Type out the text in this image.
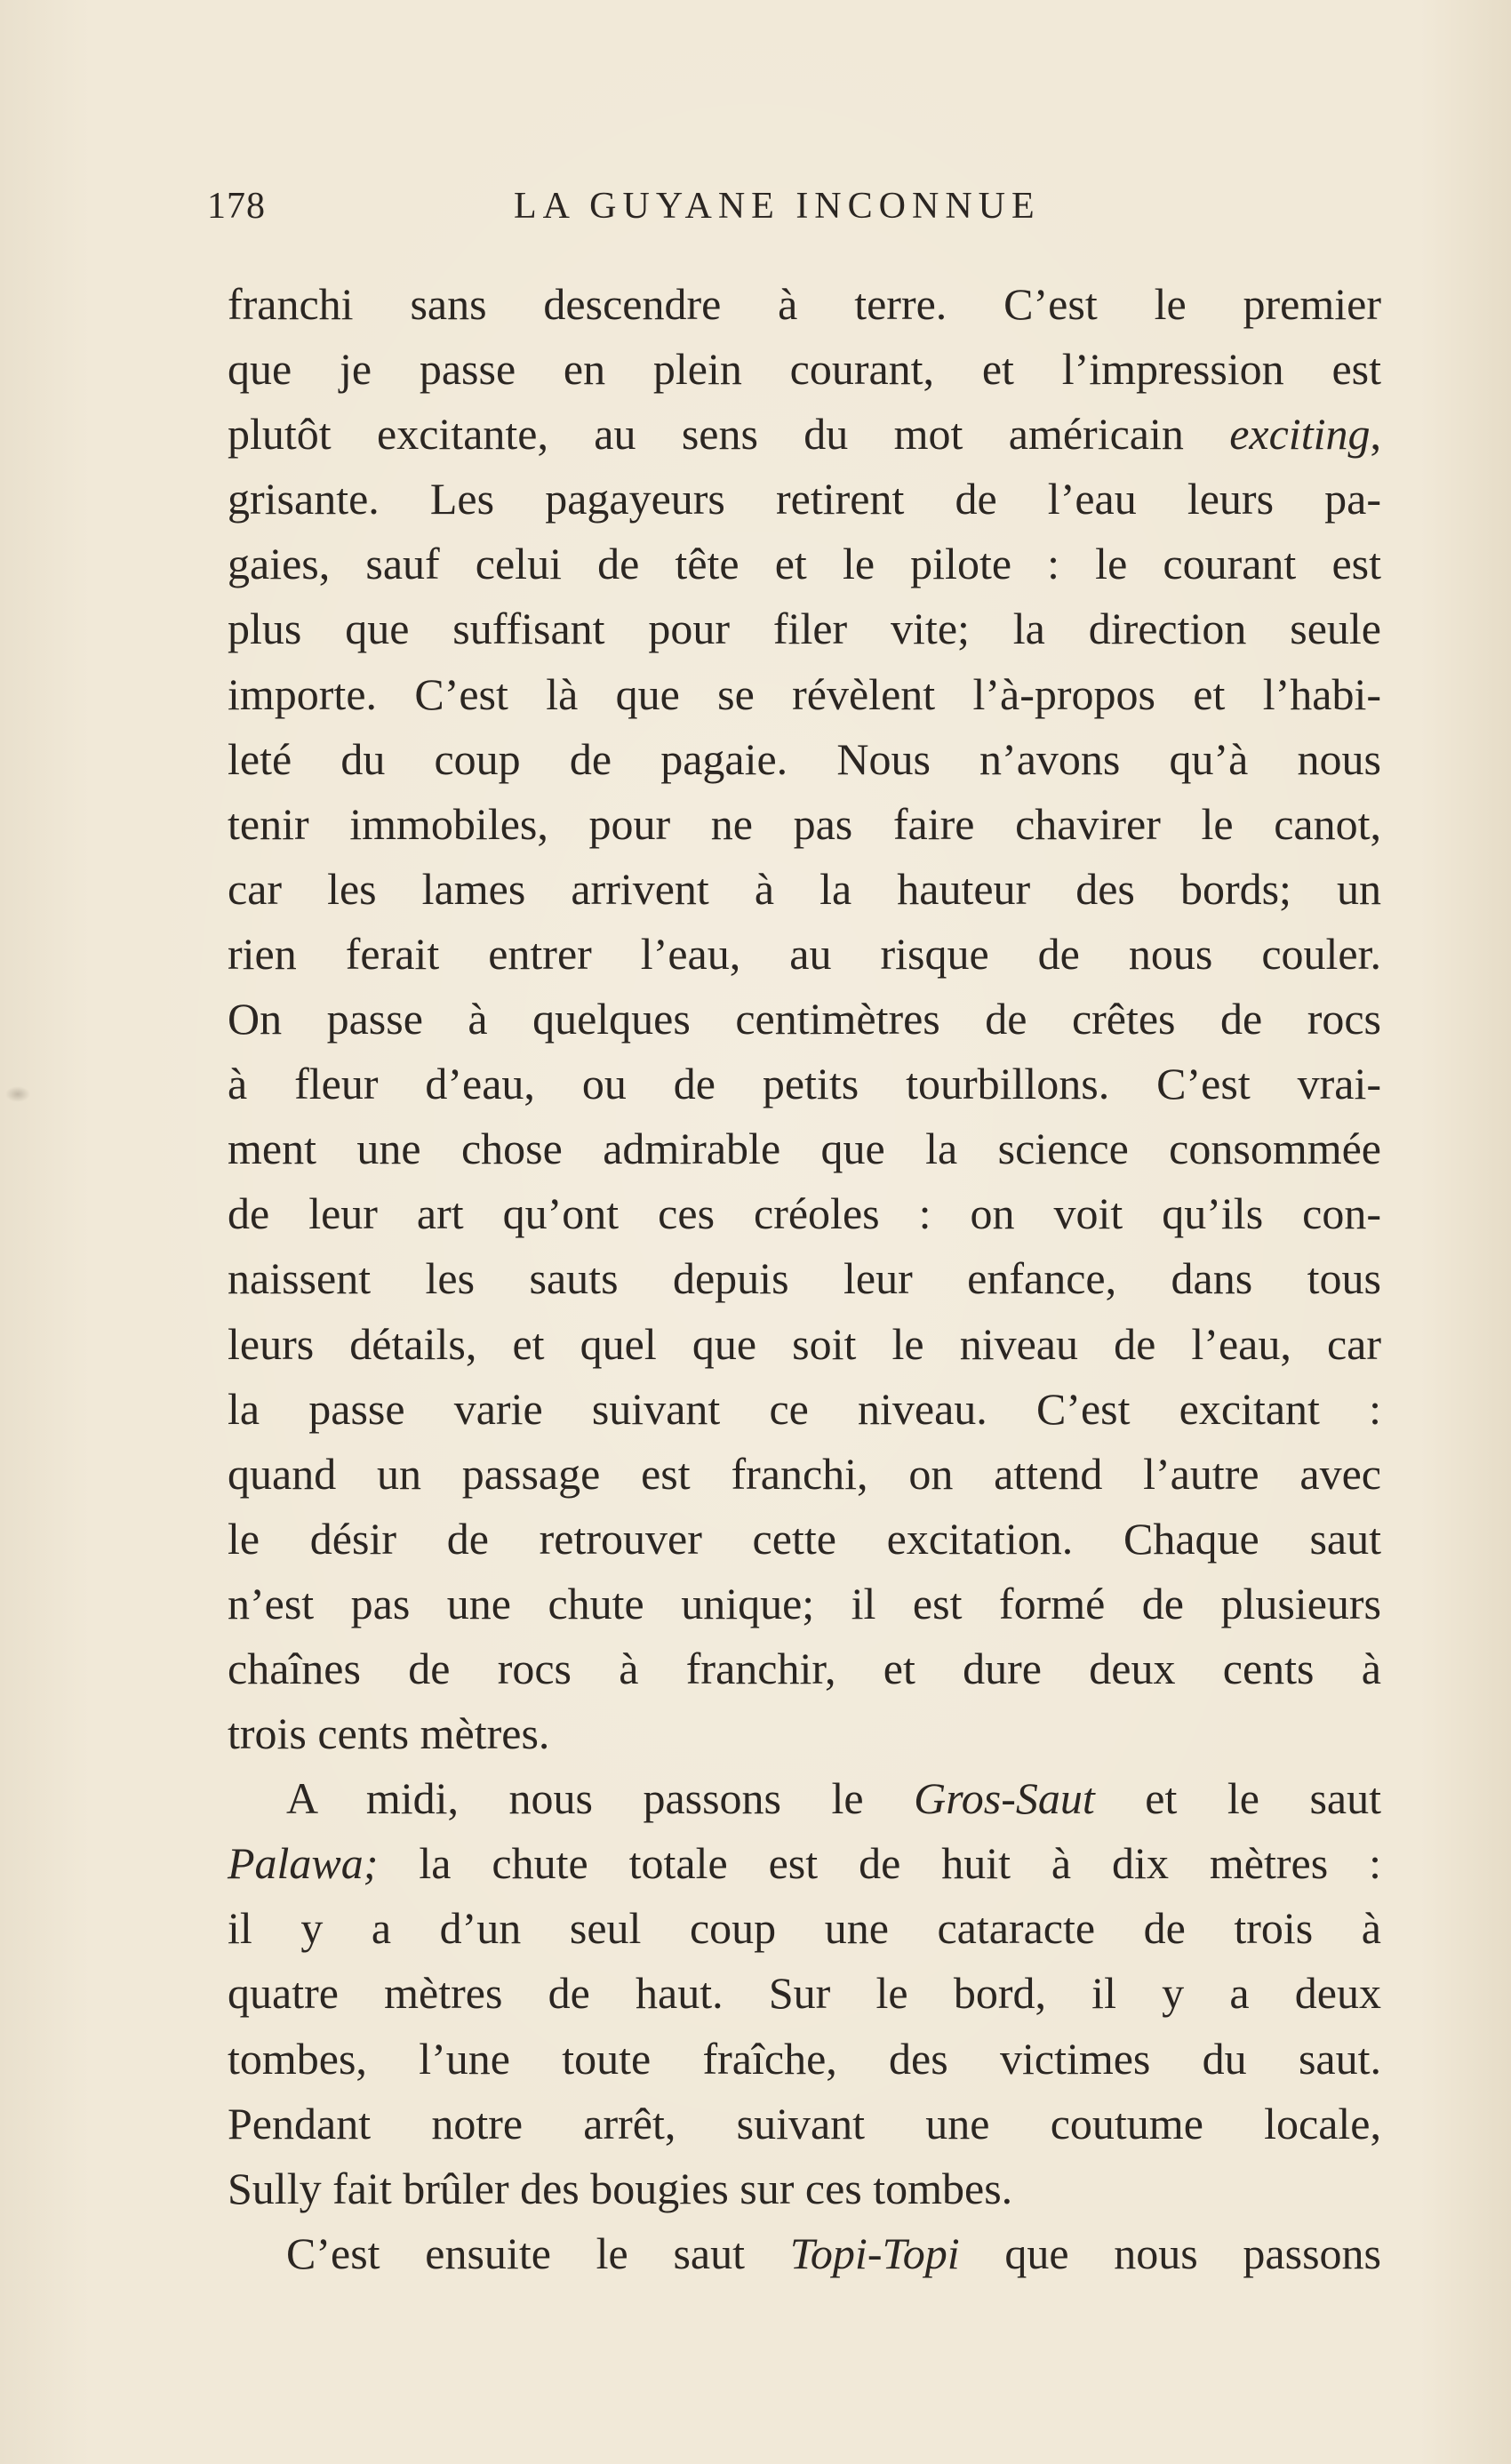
178	LA GUYANE INCONNUE
franchi sans descendre à terre. C’est le premier
que je passe en plein courant, et l’impression est
plutôt excitante, au sens du mot américain exciting,
grisante. Les pagayeurs retirent de l’eau leurs pa-
gaies, sauf celui de tête et le pilote : le courant est
plus que suffisant pour filer vite; la direction seule
importe. C’est là que se révèlent l’à-propos et l’habi-
leté du coup de pagaie. Nous n’avons qu’à nous
tenir immobiles, pour ne pas faire chavirer le canot,
car les lames arrivent à la hauteur des bords; un
rien ferait entrer l’eau, au risque de nous couler.
On passe à quelques centimètres de crêtes de rocs
à fleur d’eau, ou de petits tourbillons. C’est vrai-
ment une chose admirable que la science consommée
de leur art qu’ont ces créoles : on voit qu’ils con-
naissent les sauts depuis leur enfance, dans tous
leurs détails, et quel que soit le niveau de l’eau, car
la passe varie suivant ce niveau. C’est excitant :
quand un passage est franchi, on attend l’autre avec
le désir de retrouver cette excitation. Chaque saut
n’est pas une chute unique; il est formé de plusieurs
chaînes de rocs à franchir, et dure deux cents à
trois cents mètres.
A midi, nous passons le Gros-Saut et le saut
Palawa; la chute totale est de huit à dix mètres :
il y a d’un seul coup une cataracte de trois à
quatre mètres de haut. Sur le bord, il y a deux
tombes, l’une toute fraîche, des victimes du saut.
Pendant notre arrêt, suivant une coutume locale,
Sully fait brûler des bougies sur ces tombes.
C’est ensuite le saut Topi-Topi que nous passons
